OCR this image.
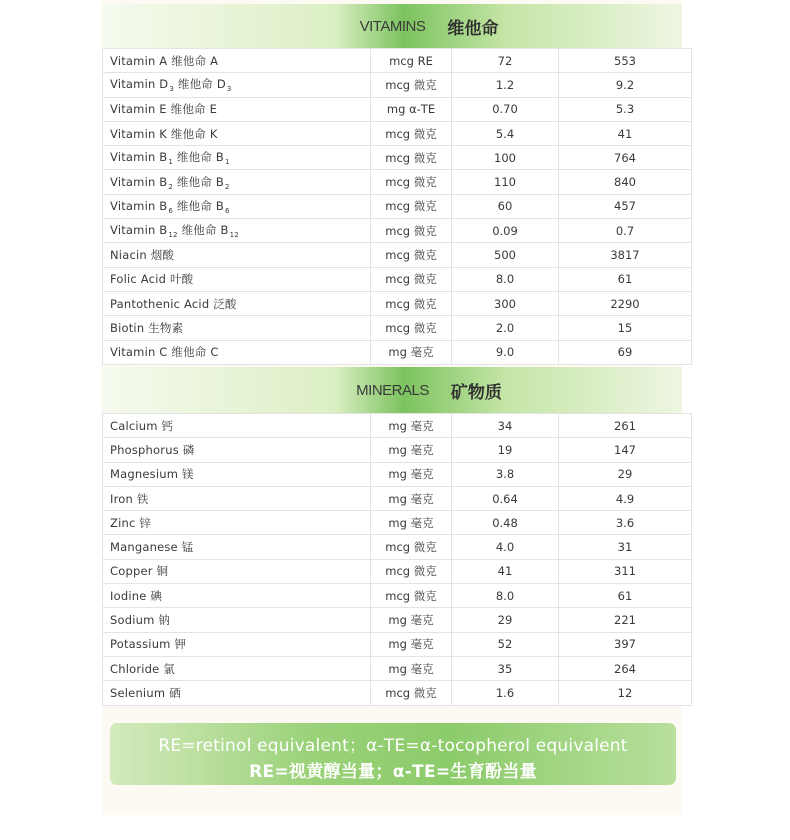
VITAMINS 维他命
Vitamin A 维他命 A	mcg RE	72	553
Vitamin $D_3$ 维他命 $D_3$	mcg 微克	1.2	9.2
Vitamin E 维他命 E	mg α-TE	0.70	5.3
Vitamin K 维他命 K	mcg 微克	5.4	41
Vitamin $B_1$ 维他命 $B_1$	mcg 微克	100	764
Vitamin $B_2$ 维他命 $B_2$	mcg 微克	110	840
Vitamin $B_6$ 维他命 $B_6$	mcg 微克	60	457
Vitamin $B_{12}$ 维他命 $B_{12}$	mcg 微克	0.09	0.7
Niacin 烟酸	mcg 微克	500	3817
Folic Acid 叶酸	mcg 微克	8.0	61
Pantothenic Acid 泛酸	mcg 微克	300	2290
Biotin 生物素	mcg 微克	2.0	15
Vitamin C 维他命 C	mg 毫克	9.0	69
MINERALS 矿物质
Calcium 钙	mg 毫克	34	261
Phosphorus 磷	mg 毫克	19	147
Magnesium 镁	mg 毫克	3.8	29
Iron 铁	mg 毫克	0.64	4.9
Zinc 锌	mg 毫克	0.48	3.6
Manganese 锰	mcg 微克	4.0	31
Copper 铜	mcg 微克	41	311
Iodine 碘	mcg 微克	8.0	61
Sodium 钠	mg 毫克	29	221
Potassium 钾	mg 毫克	52	397
Chloride 氯	mg 毫克	35	264
Selenium 硒	mcg 微克	1.6	12
RE=retinol equivalent；α-TE=α-tocopherol equivalent
RE=视黄醇当量；α-TE=生育酚当量
